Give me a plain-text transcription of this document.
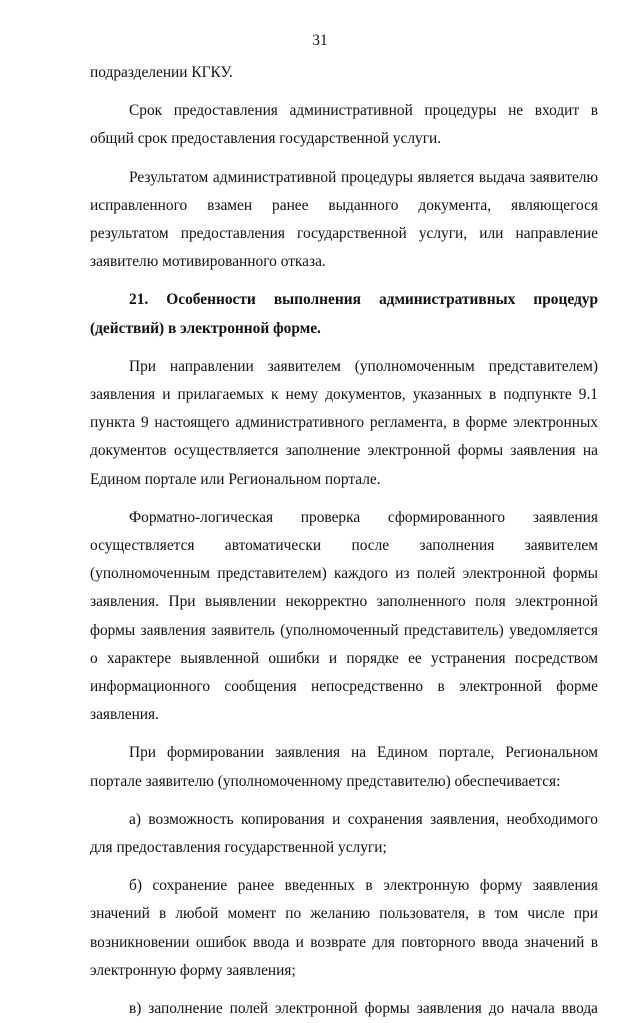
31

подразделении КГКУ.

Срок предоставления административной процедуры не входит в общий срок предоставления государственной услуги.

Результатом административной процедуры является выдача заявителю исправленного взамен ранее выданного документа, являющегося результатом предоставления государственной услуги, или направление заявителю мотивированного отказа.

21. Особенности выполнения административных процедур

(действий) в электронной форме.

При направлении заявителем (уполномоченным представителем) заявления и прилагаемых к нему документов, указанных в подпункте 9.1 пункта 9 настоящего административного регламента, в форме электронных документов осуществляется заполнение электронной формы заявления на Едином портале или Региональном портале.

Форматно-логическая проверка сформированного заявления осуществляется автоматически после заполнения заявителем (уполномоченным представителем) каждого из полей электронной формы заявления. При выявлении некорректно заполненного поля электронной формы заявления заявитель (уполномоченный представитель) уведомляется о характере выявленной ошибки и порядке ее устранения посредством информационного сообщения непосредственно в электронной форме заявления.

При формировании заявления на Едином портале, Региональном портале заявителю (уполномоченному представителю) обеспечивается:

а) возможность копирования и сохранения заявления, необходимого для предоставления государственной услуги;

б) сохранение ранее введенных в электронную форму заявления значений в любой момент по желанию пользователя, в том числе при возникновении ошибок ввода и возврате для повторного ввода значений в электронную форму заявления;

в) заполнение полей электронной формы заявления до начала ввода
